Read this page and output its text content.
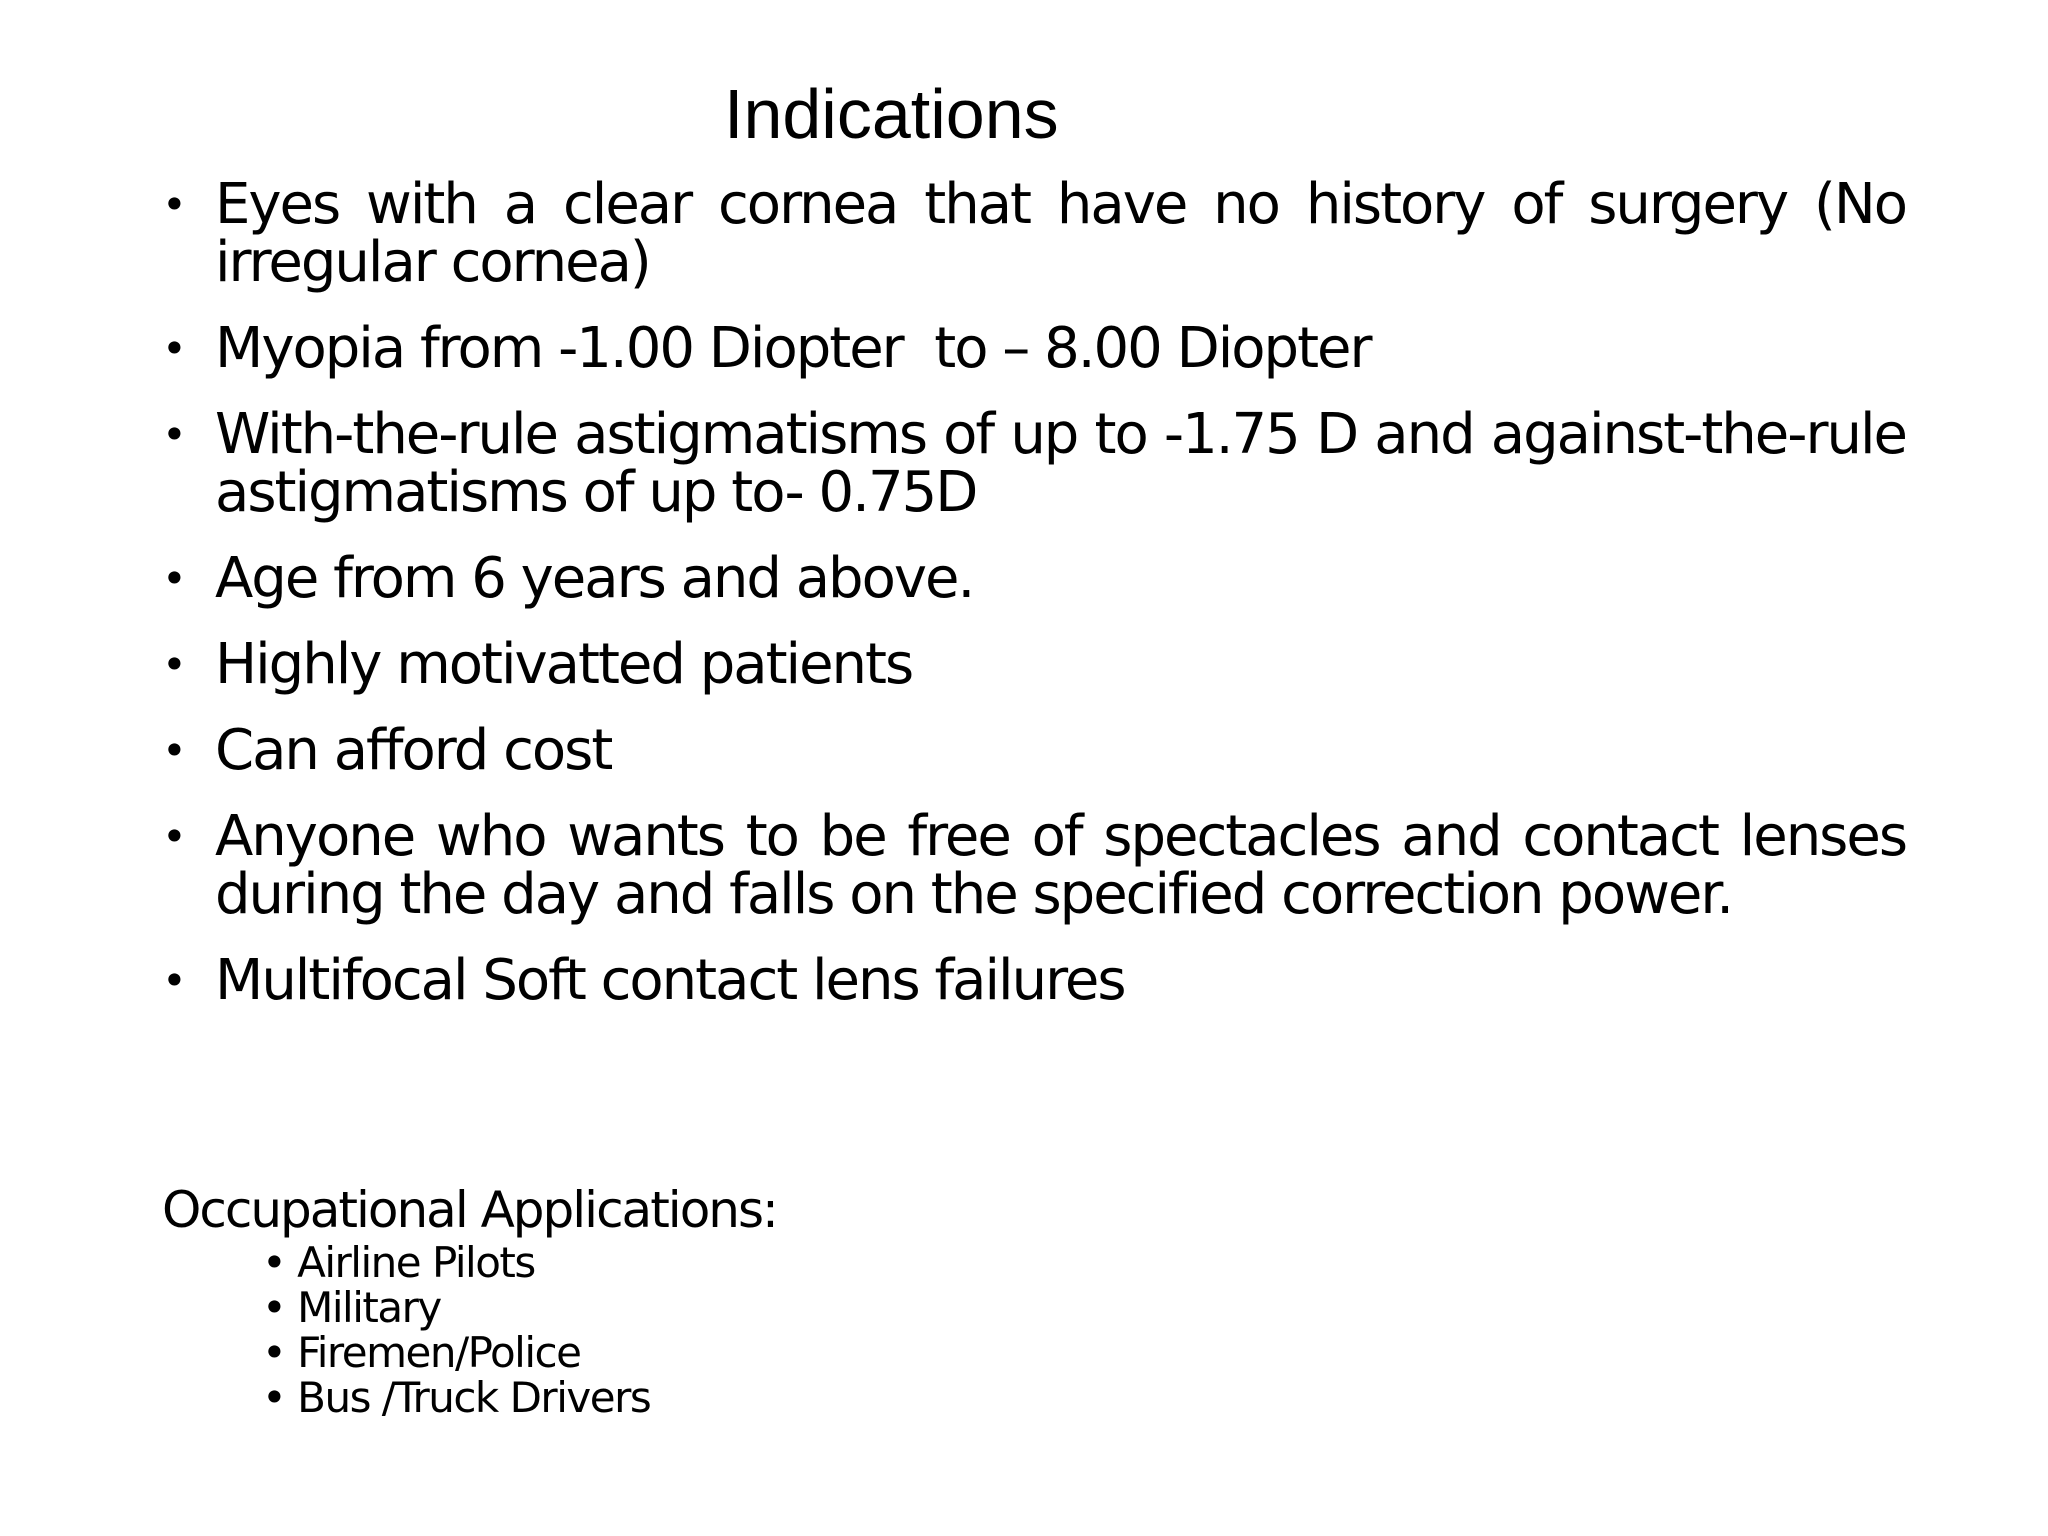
Indications
• Eyes with a clear cornea that have no history of surgery (No irregular cornea)
• Myopia from -1.00 Diopter  to – 8.00 Diopter
• With-the-rule astigmatisms of up to -1.75 D and against-the-rule astigmatisms of up to- 0.75D
• Age from 6 years and above.
• Highly motivatted patients
• Can afford cost
• Anyone who wants to be free of spectacles and contact lenses during the day and falls on the specified correction power.
• Multifocal Soft contact lens failures
Occupational Applications:
• Airline Pilots
• Military
• Firemen/Police
• Bus /Truck Drivers
